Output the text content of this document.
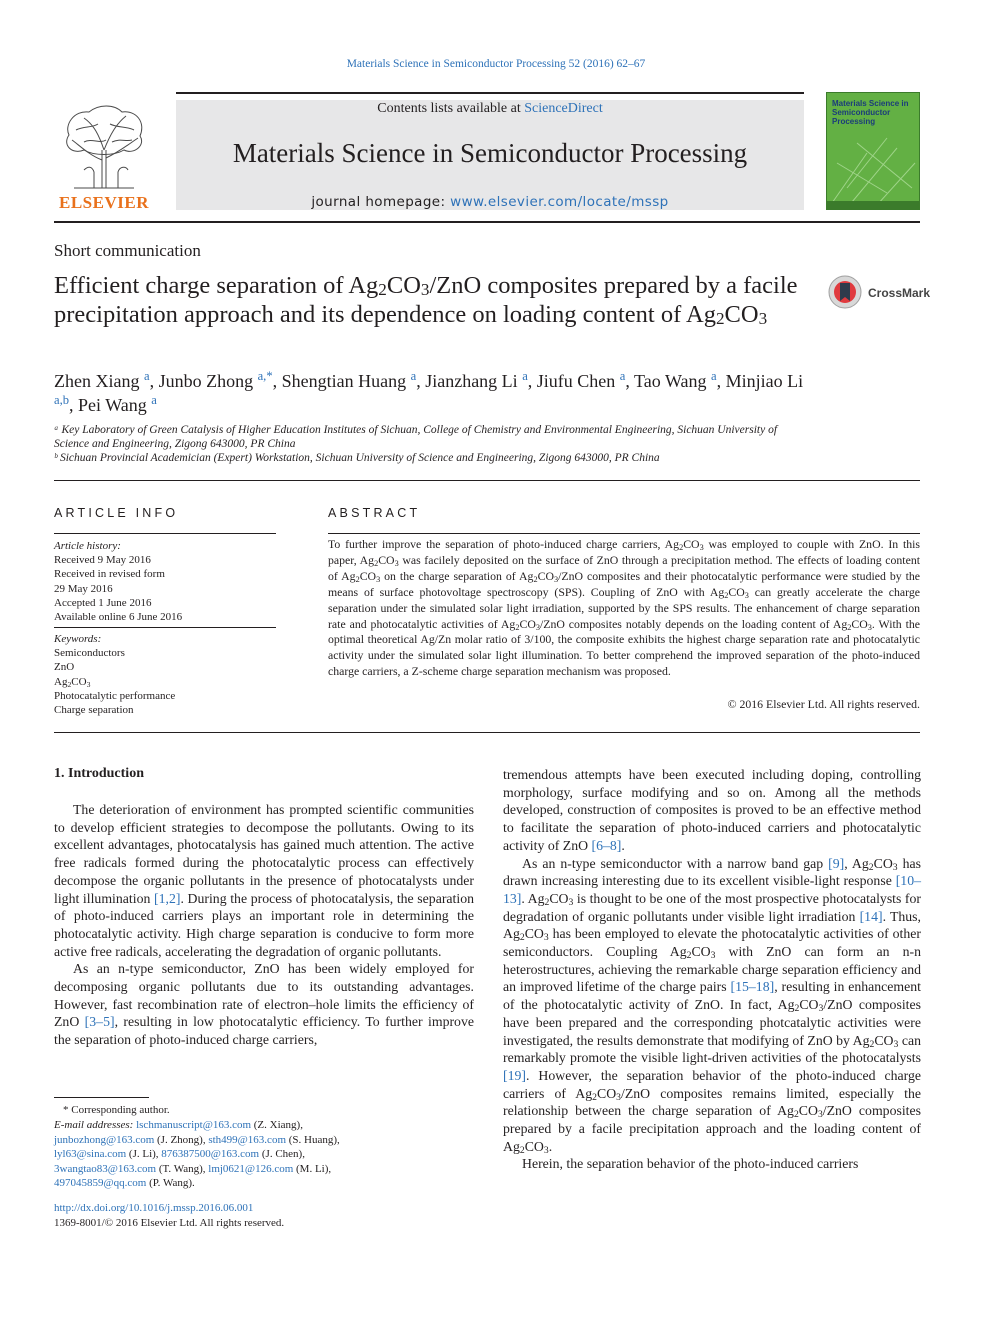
Materials Science in Semiconductor Processing 52 (2016) 62–67
ELSEVIER
Contents lists available at ScienceDirect
Materials Science in Semiconductor Processing
journal homepage: www.elsevier.com/locate/mssp
Materials Science in Semiconductor Processing
Short communication
Efficient charge separation of $Ag_2CO_3$/ZnO composites prepared by a facile precipitation approach and its dependence on loading content of $Ag_2CO_3$
CrossMark
Zhen Xiang $^a$, Junbo Zhong $^{a,*}$, Shengtian Huang $^a$, Jianzhang Li $^a$, Jiufu Chen $^a$, Tao Wang $^a$, Minjiao Li $^{a,b}$, Pei Wang $^a$
ᵃ Key Laboratory of Green Catalysis of Higher Education Institutes of Sichuan, College of Chemistry and Environmental Engineering, Sichuan University of Science and Engineering, Zigong 643000, PR China
ᵇ Sichuan Provincial Academician (Expert) Workstation, Sichuan University of Science and Engineering, Zigong 643000, PR China
ARTICLE INFO
Article history:
Received 9 May 2016
Received in revised form
29 May 2016
Accepted 1 June 2016
Available online 6 June 2016
Keywords:
Semiconductors
ZnO
$Ag_2CO_3$
Photocatalytic performance
Charge separation
ABSTRACT
To further improve the separation of photo-induced charge carriers, $Ag_2CO_3$ was employed to couple with ZnO. In this paper, $Ag_2CO_3$ was facilely deposited on the surface of ZnO through a precipitation method. The effects of loading content of $Ag_2CO_3$ on the charge separation of $Ag_2CO_3$/ZnO composites and their photocatalytic performance were studied by the means of surface photovoltage spectroscopy (SPS). Coupling of ZnO with $Ag_2CO_3$ can greatly accelerate the charge separation under the simulated solar light irradiation, supported by the SPS results. The enhancement of charge separation rate and photocatalytic activities of $Ag_2CO_3$/ZnO composites notably depends on the loading content of $Ag_2CO_3$. With the optimal theoretical Ag/Zn molar ratio of 3/100, the composite exhibits the highest charge separation rate and photocatalytic activity under the simulated solar light illumination. To better comprehend the improved separation of the photo-induced charge carriers, a Z-scheme charge separation mechanism was proposed.
© 2016 Elsevier Ltd. All rights reserved.
1. Introduction

The deterioration of environment has prompted scientific communities to develop efficient strategies to decompose the pollutants. Owing to its excellent advantages, photocatalysis has gained much attention. The active free radicals formed during the photocatalytic process can effectively decompose the organic pollutants in the presence of photocatalysts under light illumination [1,2]. During the process of photocatalysis, the separation of photo-induced carriers plays an important role in determining the photocatalytic activity. High charge separation is conducive to form more active free radicals, accelerating the degradation of organic pollutants.

As an n-type semiconductor, ZnO has been widely employed for decomposing organic pollutants due to its outstanding advantages. However, fast recombination rate of electron–hole limits the efficiency of ZnO [3–5], resulting in low photocatalytic efficiency. To further improve the separation of photo-induced charge carriers,

tremendous attempts have been executed including doping, controlling morphology, surface modifying and so on. Among all the methods developed, construction of composites is proved to be an effective method to facilitate the separation of photo-induced carriers and photocatalytic activity of ZnO [6–8].

As an n-type semiconductor with a narrow band gap [9], $Ag_2CO_3$ has drawn increasing interesting due to its excellent visible-light response [10–13]. $Ag_2CO_3$ is thought to be one of the most prospective photocatalysts for degradation of organic pollutants under visible light irradiation [14]. Thus, $Ag_2CO_3$ has been employed to elevate the photocatalytic activities of other semiconductors. Coupling $Ag_2CO_3$ with ZnO can form an n-n heterostructures, achieving the remarkable charge separation efficiency and an improved lifetime of the charge pairs [15–18], resulting in enhancement of the photocatalytic activity of ZnO. In fact, $Ag_2CO_3$/ZnO composites have been prepared and the corresponding photcatalytic activities were investigated, the results demonstrate that modifying of ZnO by $Ag_2CO_3$ can remarkably promote the visible light-driven activities of the photocatalysts [19]. However, the separation behavior of the photo-induced charge carriers of $Ag_2CO_3$/ZnO composites remains limited, especially the relationship between the charge separation of $Ag_2CO_3$/ZnO composites prepared by a facile precipitation approach and the loading content of $Ag_2CO_3$.

Herein, the separation behavior of the photo-induced carriers

* Corresponding author.
E-mail addresses: lschmanuscript@163.com (Z. Xiang),
junbozhong@163.com (J. Zhong), sth499@163.com (S. Huang),
lyl63@sina.com (J. Li), 876387500@163.com (J. Chen),
3wangtao83@163.com (T. Wang), lmj0621@126.com (M. Li),
497045859@qq.com (P. Wang).
http://dx.doi.org/10.1016/j.mssp.2016.06.001
1369-8001/© 2016 Elsevier Ltd. All rights reserved.
